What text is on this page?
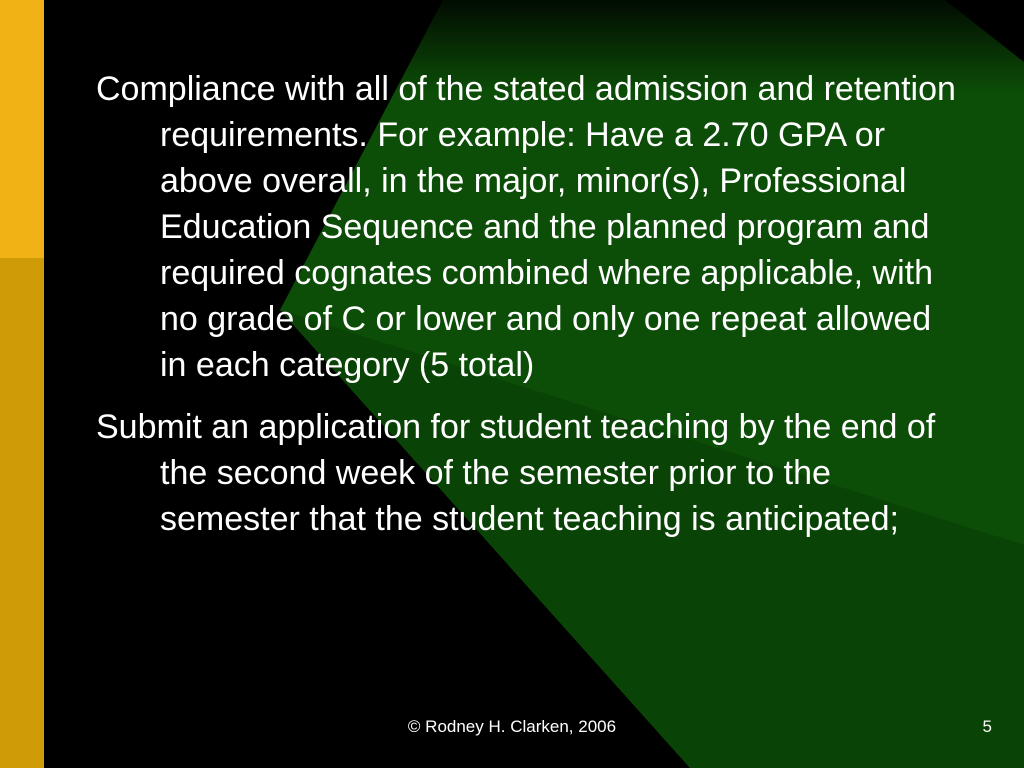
Compliance with all of the stated admission and retention requirements. For example: Have a 2.70 GPA or above overall, in the major, minor(s), Professional Education Sequence and the planned program and required cognates combined where applicable, with no grade of C or lower and only one repeat allowed in each category (5 total)
Submit an application for student teaching by the end of the second week of the semester prior to the semester that the student teaching is anticipated;
© Rodney H. Clarken, 2006	5
